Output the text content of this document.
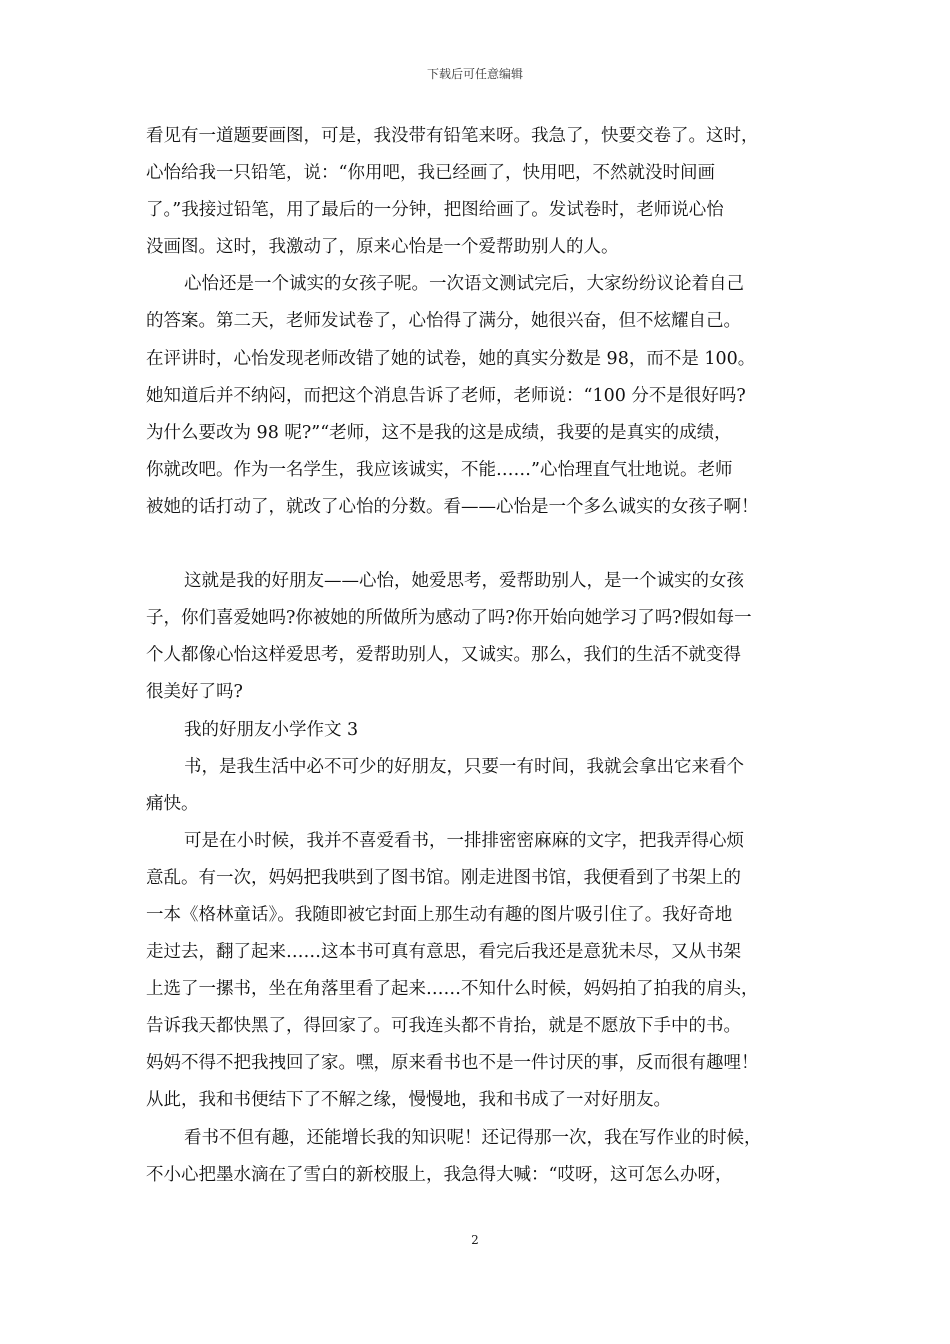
下载后可任意编辑
看见有一道题要画图，可是，我没带有铅笔来呀。我急了，快要交卷了。这时，
心怡给我一只铅笔，说：“你用吧，我已经画了，快用吧，不然就没时间画
了。”我接过铅笔，用了最后的一分钟，把图给画了。发试卷时，老师说心怡
没画图。这时，我激动了，原来心怡是一个爱帮助别人的人。
心怡还是一个诚实的女孩子呢。一次语文测试完后，大家纷纷议论着自己
的答案。第二天，老师发试卷了，心怡得了满分，她很兴奋，但不炫耀自己。
在评讲时，心怡发现老师改错了她的试卷，她的真实分数是 98，而不是 100。
她知道后并不纳闷，而把这个消息告诉了老师，老师说：“100 分不是很好吗?
为什么要改为 98 呢?”“老师，这不是我的这是成绩，我要的是真实的成绩，
你就改吧。作为一名学生，我应该诚实，不能……”心怡理直气壮地说。老师
被她的话打动了，就改了心怡的分数。看——心怡是一个多么诚实的女孩子啊！
这就是我的好朋友——心怡，她爱思考，爱帮助别人，是一个诚实的女孩
子，你们喜爱她吗?你被她的所做所为感动了吗?你开始向她学习了吗?假如每一
个人都像心怡这样爱思考，爱帮助别人，又诚实。那么，我们的生活不就变得
很美好了吗?
我的好朋友小学作文 3
书，是我生活中必不可少的好朋友，只要一有时间，我就会拿出它来看个
痛快。
可是在小时候，我并不喜爱看书，一排排密密麻麻的文字，把我弄得心烦
意乱。有一次，妈妈把我哄到了图书馆。刚走进图书馆，我便看到了书架上的
一本《格林童话》。我随即被它封面上那生动有趣的图片吸引住了。我好奇地
走过去，翻了起来……这本书可真有意思，看完后我还是意犹未尽，又从书架
上选了一摞书，坐在角落里看了起来……不知什么时候，妈妈拍了拍我的肩头，
告诉我天都快黑了，得回家了。可我连头都不肯抬，就是不愿放下手中的书。
妈妈不得不把我拽回了家。嘿，原来看书也不是一件讨厌的事，反而很有趣哩！
从此，我和书便结下了不解之缘，慢慢地，我和书成了一对好朋友。
看书不但有趣，还能增长我的知识呢！还记得那一次，我在写作业的时候，
不小心把墨水滴在了雪白的新校服上，我急得大喊：“哎呀，这可怎么办呀，
2
